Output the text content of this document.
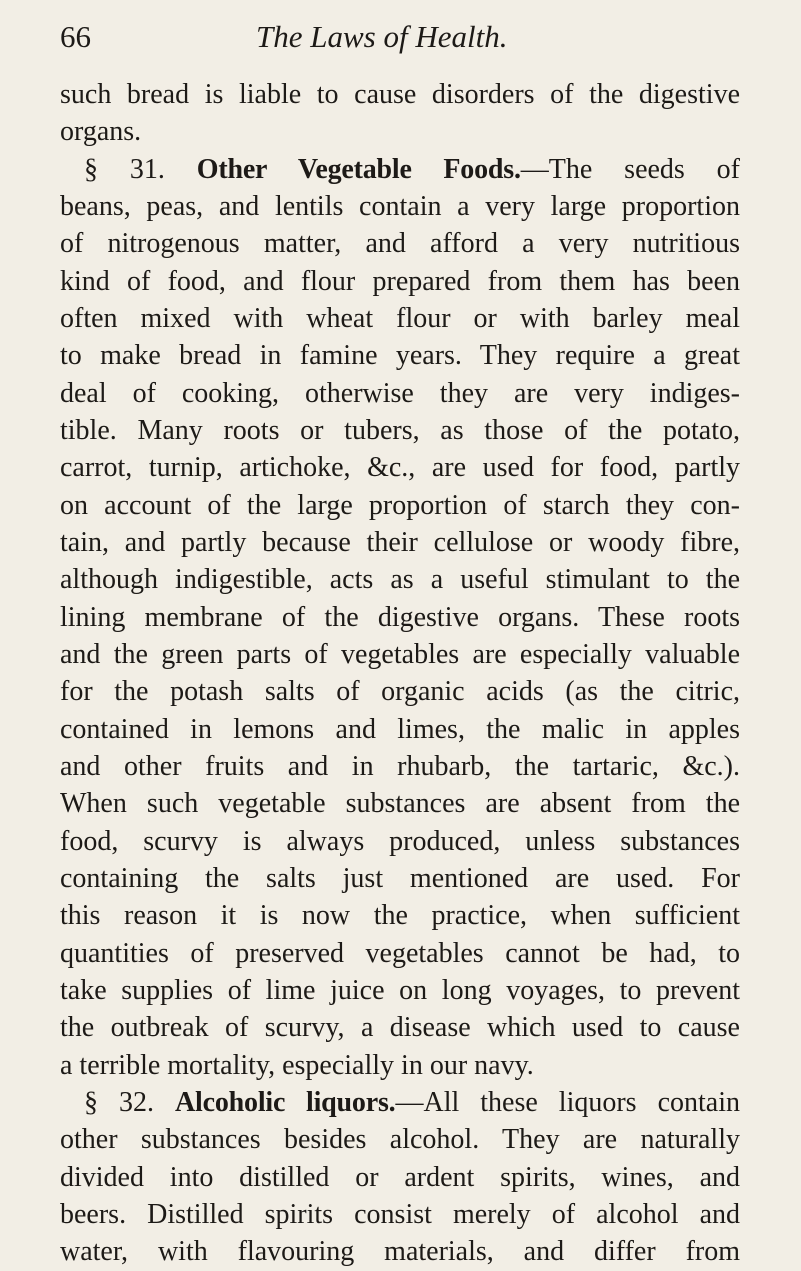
66	The Laws of Health.
such bread is liable to cause disorders of the digestive
organs.
§ 31. Other Vegetable Foods.—The seeds of
beans, peas, and lentils contain a very large proportion
of nitrogenous matter, and afford a very nutritious
kind of food, and flour prepared from them has been
often mixed with wheat flour or with barley meal
to make bread in famine years. They require a great
deal of cooking, otherwise they are very indiges-
tible. Many roots or tubers, as those of the potato,
carrot, turnip, artichoke, &c., are used for food, partly
on account of the large proportion of starch they con-
tain, and partly because their cellulose or woody fibre,
although indigestible, acts as a useful stimulant to the
lining membrane of the digestive organs. These roots
and the green parts of vegetables are especially valuable
for the potash salts of organic acids (as the citric,
contained in lemons and limes, the malic in apples
and other fruits and in rhubarb, the tartaric, &c.).
When such vegetable substances are absent from the
food, scurvy is always produced, unless substances
containing the salts just mentioned are used. For
this reason it is now the practice, when sufficient
quantities of preserved vegetables cannot be had, to
take supplies of lime juice on long voyages, to prevent
the outbreak of scurvy, a disease which used to cause
a terrible mortality, especially in our navy.
§ 32. Alcoholic liquors.—All these liquors contain
other substances besides alcohol. They are naturally
divided into distilled or ardent spirits, wines, and
beers. Distilled spirits consist merely of alcohol and
water, with flavouring materials, and differ from
